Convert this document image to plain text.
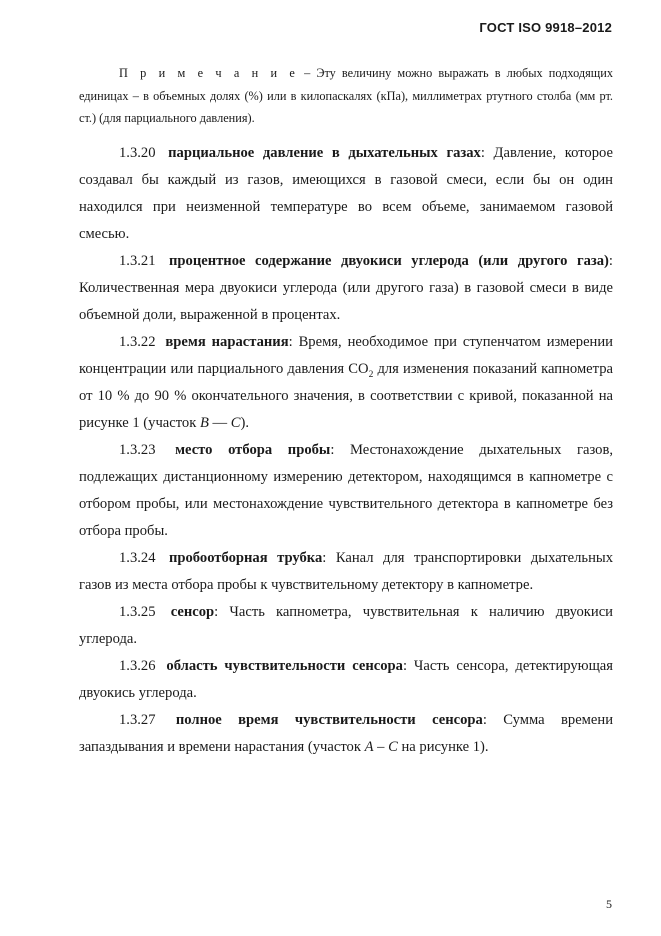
ГОСТ ISO 9918–2012

П р и м е ч а н и е – Эту величину можно выражать в любых подходящих единицах – в объемных долях (%) или в килопаскалях (кПа), миллиметрах ртутного столба (мм рт. ст.) (для парциального давления).

1.3.20 парциальное давление в дыхательных газах: Давление, которое создавал бы каждый из газов, имеющихся в газовой смеси, если бы он один находился при неизменной температуре во всем объеме, занимаемом газовой смесью.

1.3.21 процентное содержание двуокиси углерода (или другого газа): Количественная мера двуокиси углерода (или другого газа) в газовой смеси в виде объемной доли, выраженной в процентах.

1.3.22 время нарастания: Время, необходимое при ступенчатом измерении концентрации или парциального давления $CO_2$ для изменения показаний капнометра от 10 % до 90 % окончательного значения, в соответствии с кривой, показанной на рисунке 1 (участок B — C).

1.3.23 место отбора пробы: Местонахождение дыхательных газов, подлежащих дистанционному измерению детектором, находящимся в капнометре с отбором пробы, или местонахождение чувствительного детектора в капнометре без отбора пробы.

1.3.24 пробоотборная трубка: Канал для транспортировки дыхательных газов из места отбора пробы к чувствительному детектору в капнометре.

1.3.25 сенсор: Часть капнометра, чувствительная к наличию двуокиси углерода.

1.3.26 область чувствительности сенсора: Часть сенсора, детектирующая двуокись углерода.

1.3.27 полное время чувствительности сенсора: Сумма времени запаздывания и времени нарастания (участок A – C на рисунке 1).

5
